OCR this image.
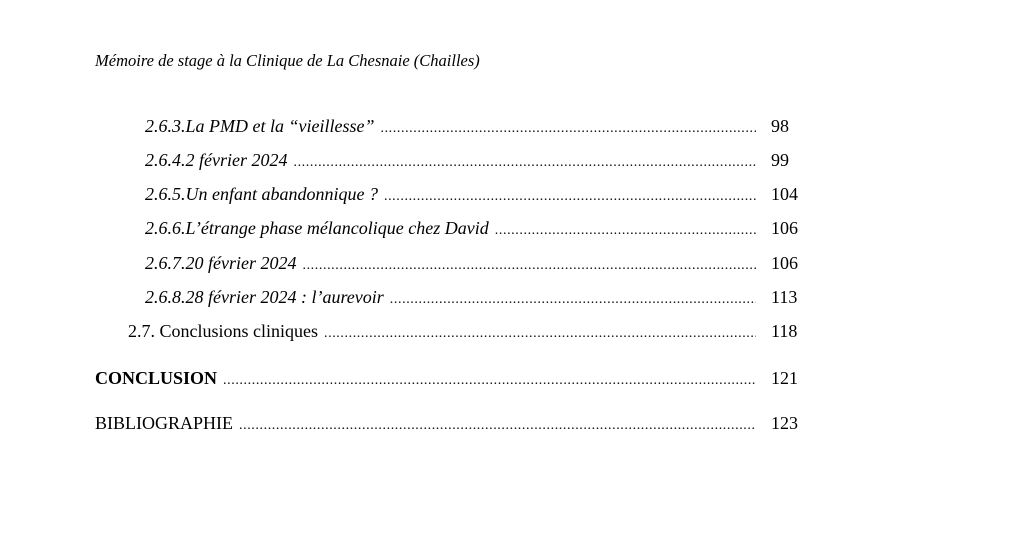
Mémoire de stage à la Clinique de La Chesnaie (Chailles)
2.6.3.La PMD et la “vieillesse” .....	98
2.6.4.2 février 2024 .....	99
2.6.5.Un enfant abandonnique ? .....	104
2.6.6.L’étrange phase mélancolique chez David .....	106
2.6.7.20 février 2024 .....	106
2.6.8.28 février 2024 : l’aurevoir .....	113
2.7. Conclusions cliniques .....	118
CONCLUSION .....	121
BIBLIOGRAPHIE .....	123
